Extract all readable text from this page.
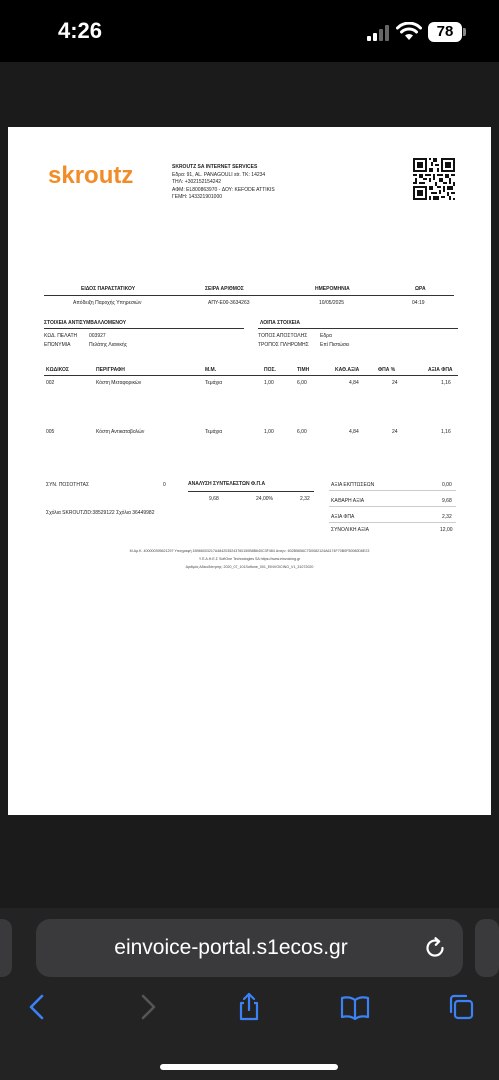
4:26	78
skroutz	SKROUTZ SA INTERNET SERVICES
Εδρα: 91, AL. PANAGOULI str. ΤΚ: 14234
ΤΗΛ: +302152154242
ΑΦΜ: EL800863970 - ΔΟΥ: KEFODE ATTIKIS
ΓΕΜΗ: 143321901000
ΕΙΔΟΣ ΠΑΡΑΣΤΑΤΙΚΟΥ	ΣΕΙΡΑ ΑΡΙΘΜΟΣ	ΗΜΕΡΟΜΗΝΙΑ	ΩΡΑ
Απόδειξη Παροχής Υπηρεσιών	ΑΠΥ-Ε00-3634263	10/05/2025	04:19
ΣΤΟΙΧΕΙΑ ΑΝΤΙΣΥΜΒΑΛΛΟΜΕΝΟΥ
ΚΩΔ. ΠΕΛΑΤΗ 003927
ΕΠΩΝΥΜΙΑ	Πελάτης Λιανικής
ΛΟΙΠΑ ΣΤΟΙΧΕΙΑ
ΤΟΠΟΣ ΑΠΟΣΤΟΛΗΣ	Εδρα
ΤΡΟΠΟΣ ΠΛΗΡΩΜΗΣ Επί Πιστώσει
ΚΩΔΙΚΟΣ	ΠΕΡΙΓΡΑΦΗ	Μ.Μ.	ΠΟΣ.	ΤΙΜΗ	ΚΑΘ.ΑΞΙΑ	ΦΠΑ %	ΑΞΙΑ ΦΠΑ
002	Κόστη Μεταφορικών	Τεμάχια	1,00	6,00	4,84	24	1,16
005	Κόστη Αντικαταβολών	Τεμάχια	1,00	6,00	4,84	24	1,16
ΣΥΝ. ΠΟΣΟΤΗΤΑΣ	0
Σχόλια SKROUTZID:38529122 Σχόλια 36449982
ΑΝΑΛΥΣΗ ΣΥΝΤΕΛΕΣΤΩΝ Φ.Π.Α
9,68	24,00%	2,32
ΑΞΙΑ ΕΚΠΤΩΣΕΩΝ	0,00
ΚΑΘΑΡΗ ΑΞΙΑ	9,68
ΑΞΙΑ ΦΠΑ	2,32
ΣΥΝΟΛΙΚΗ ΑΞΙΑ	12,00
Μ.Αρ.Κ. 400000395621297 Υπογραφή 1B966003217A4842035243760150B8B640C3F484 Αναγν. 602B5656C7D0082124A6174F70B0F50080D6E23
Υ.Π.Α.Η.Ε.Σ SoftOne Technologies SA https://www.einvoicing.gr
Αριθμός Αδειοδότησης: 2020_07_101Softone_001_EINVOICING_V1_31072020
einvoice-portal.s1ecos.gr
